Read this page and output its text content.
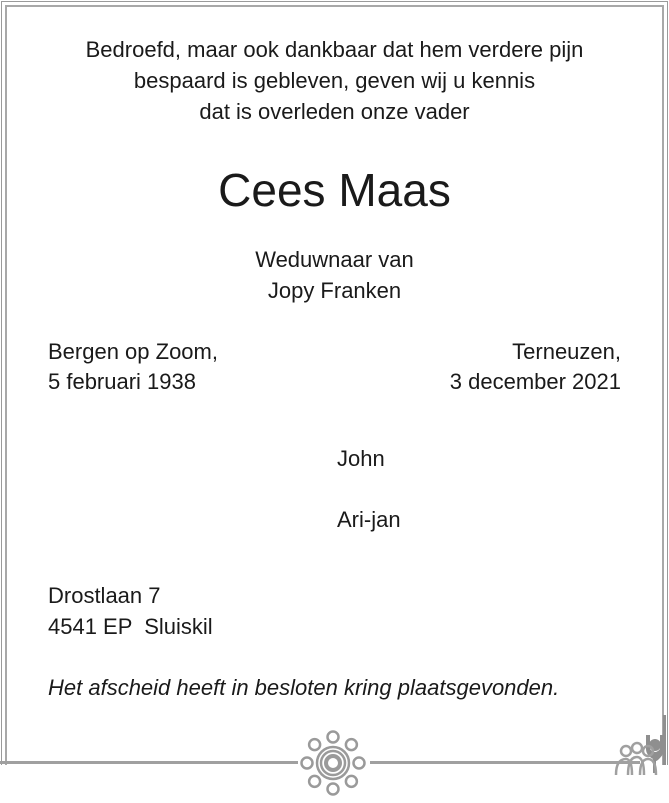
Bedroefd, maar ook dankbaar dat hem verdere pijn
bespaard is gebleven, geven wij u kennis
dat is overleden onze vader
Cees Maas
Weduwnaar van
Jopy Franken
Bergen op Zoom,
5 februari 1938
Terneuzen,
3 december 2021
John
Ari-jan
Drostlaan 7
4541 EP  Sluiskil
Het afscheid heeft in besloten kring plaatsgevonden.
